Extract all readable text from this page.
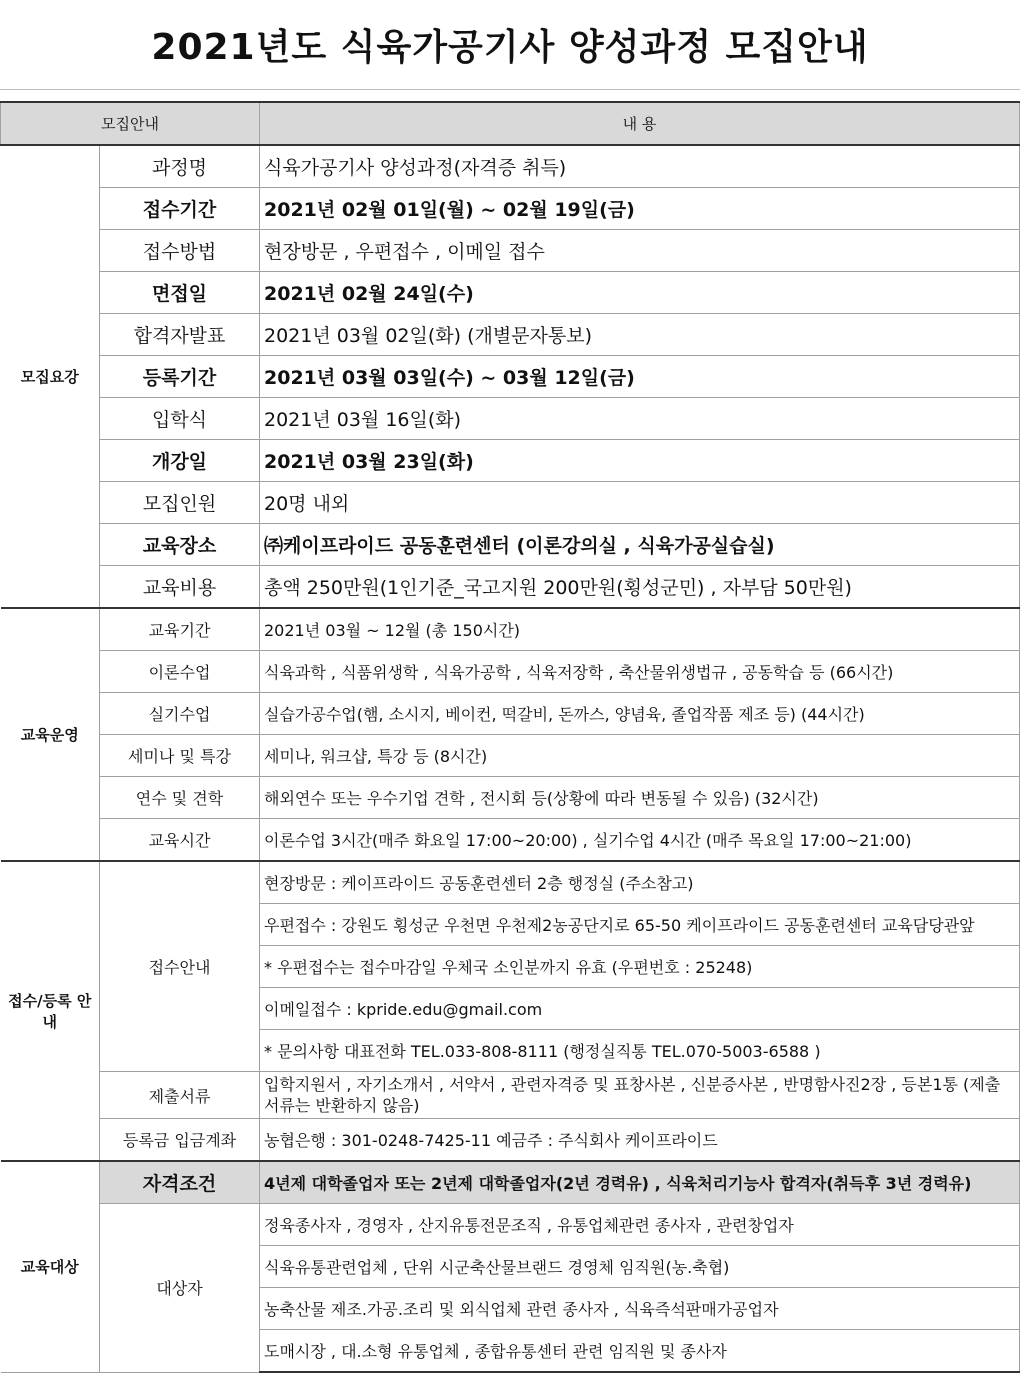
2021년도 식육가공기사 양성과정 모집안내
모집안내		내 용
모집요강	과정명	식육가공기사 양성과정(자격증 취득)
	접수기간	2021년 02월 01일(월) ~ 02월 19일(금)
	접수방법	현장방문 , 우편접수 , 이메일 접수
	면접일	2021년 02월 24일(수)
	합격자발표	2021년 03월 02일(화) (개별문자통보)
	등록기간	2021년 03월 03일(수) ~ 03월 12일(금)
	입학식	2021년 03월 16일(화)
	개강일	2021년 03월 23일(화)
	모집인원	20명 내외
	교육장소	㈜케이프라이드 공동훈련센터 (이론강의실 , 식육가공실습실)
	교육비용	총액 250만원(1인기준_국고지원 200만원(횡성군민) , 자부담 50만원)
교육운영	교육기간	2021년 03월 ~ 12월 (총 150시간)
	이론수업	식육과학 , 식품위생학 , 식육가공학 , 식육저장학 , 축산물위생법규 , 공동학습 등 (66시간)
	실기수업	실습가공수업(햄, 소시지, 베이컨, 떡갈비, 돈까스, 양념육, 졸업작품 제조 등) (44시간)
	세미나 및 특강	세미나, 워크샵, 특강 등 (8시간)
	연수 및 견학	해외연수 또는 우수기업 견학 , 전시회 등(상황에 따라 변동될 수 있음) (32시간)
	교육시간	이론수업 3시간(매주 화요일 17:00~20:00) , 실기수업 4시간 (매주 목요일 17:00~21:00)
접수/등록 안내	접수안내	현장방문 : 케이프라이드 공동훈련센터 2층 행정실 (주소참고)
		우편접수 : 강원도 횡성군 우천면 우천제2농공단지로 65-50 케이프라이드 공동훈련센터 교육담당관앞
		* 우편접수는 접수마감일 우체국 소인분까지 유효 (우편번호 : 25248)
		이메일접수 : kpride.edu@gmail.com
		* 문의사항 대표전화 TEL.033-808-8111 (행정실직통 TEL.070-5003-6588 )
	제출서류	입학지원서 , 자기소개서 , 서약서 , 관련자격증 및 표창사본 , 신분증사본 , 반명함사진2장 , 등본1통 (제출서류는 반환하지 않음)
	등록금 입금계좌	농협은행 : 301-0248-7425-11 예금주 : 주식회사 케이프라이드
교육대상	자격조건	4년제 대학졸업자 또는 2년제 대학졸업자(2년 경력유) , 식육처리기능사 합격자(취득후 3년 경력유)
	대상자	정육종사자 , 경영자 , 산지유통전문조직 , 유통업체관련 종사자 , 관련창업자
		식육유통관련업체 , 단위 시군축산물브랜드 경영체 임직원(농.축협)
		농축산물 제조.가공.조리 및 외식업체 관련 종사자 , 식육즉석판매가공업자
		도매시장 , 대.소형 유통업체 , 종합유통센터 관련 임직원 및 종사자
